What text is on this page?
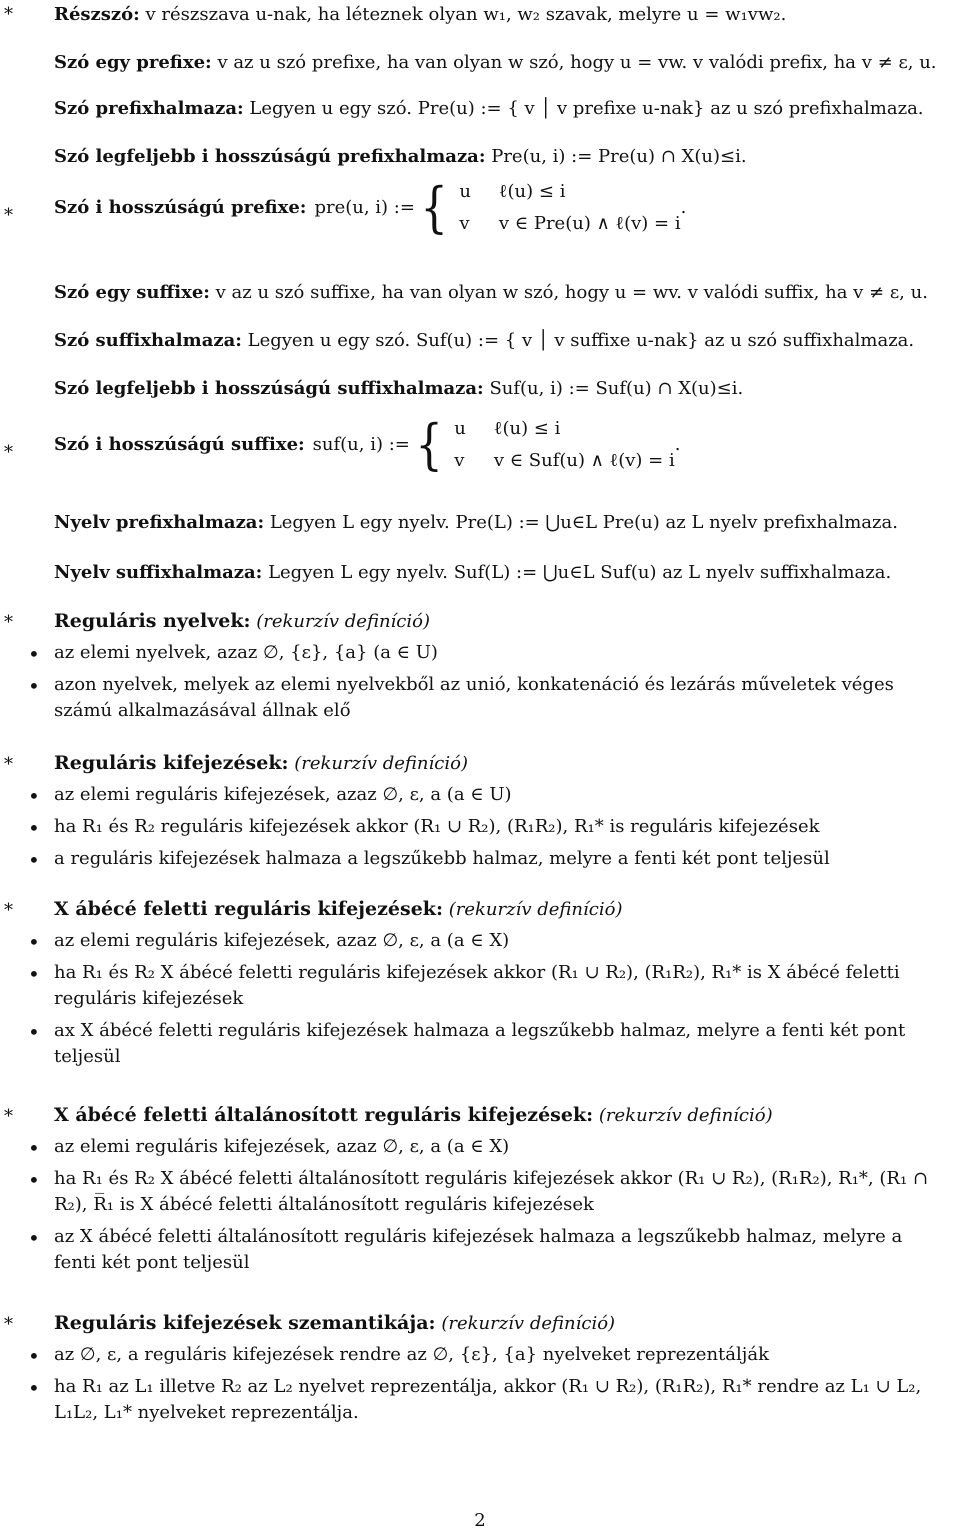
* Részszó: v részszava u-nak, ha léteznek olyan w₁, w₂ szavak, melyre u = w₁vw₂.
Szó egy prefixe: v az u szó prefixe, ha van olyan w szó, hogy u = vw. v valódi prefix, ha v ≠ ε, u.
Szó prefixhalmaza: Legyen u egy szó. Pre(u) := { v │ v prefixe u-nak} az u szó prefixhalmaza.
Szó legfeljebb i hosszúságú prefixhalmaza: Pre(u, i) := Pre(u) ∩ X(u)≤i.
* Szó i hosszúságú prefixe: pre(u, i) := { u ℓ(u) ≤ i
v v ∈ Pre(u) ∧ ℓ(v) = i
.
Szó egy suffixe: v az u szó suffixe, ha van olyan w szó, hogy u = wv. v valódi suffix, ha v ≠ ε, u.
Szó suffixhalmaza: Legyen u egy szó. Suf(u) := { v │ v suffixe u-nak} az u szó suffixhalmaza.
Szó legfeljebb i hosszúságú suffixhalmaza: Suf(u, i) := Suf(u) ∩ X(u)≤i.
* Szó i hosszúságú suffixe: suf(u, i) := { u ℓ(u) ≤ i
v v ∈ Suf(u) ∧ ℓ(v) = i
.
Nyelv prefixhalmaza: Legyen L egy nyelv. Pre(L) := ⋃u∈L Pre(u) az L nyelv prefixhalmaza.
Nyelv suffixhalmaza: Legyen L egy nyelv. Suf(L) := ⋃u∈L Suf(u) az L nyelv suffixhalmaza.
* Reguláris nyelvek: (rekurzív definíció)
• az elemi nyelvek, azaz ∅, {ε}, {a} (a ∈ U)
• azon nyelvek, melyek az elemi nyelvekből az unió, konkatenáció és lezárás műveletek véges számú alkalmazásával állnak elő
* Reguláris kifejezések: (rekurzív definíció)
• az elemi reguláris kifejezések, azaz ∅, ε, a (a ∈ U)
• ha R₁ és R₂ reguláris kifejezések akkor (R₁ ∪ R₂), (R₁R₂), R₁* is reguláris kifejezések
• a reguláris kifejezések halmaza a legszűkebb halmaz, melyre a fenti két pont teljesül
* X ábécé feletti reguláris kifejezések: (rekurzív definíció)
• az elemi reguláris kifejezések, azaz ∅, ε, a (a ∈ X)
• ha R₁ és R₂ X ábécé feletti reguláris kifejezések akkor (R₁ ∪ R₂), (R₁R₂), R₁* is X ábécé feletti reguláris kifejezések
• ax X ábécé feletti reguláris kifejezések halmaza a legszűkebb halmaz, melyre a fenti két pont teljesül
* X ábécé feletti általánosított reguláris kifejezések: (rekurzív definíció)
• az elemi reguláris kifejezések, azaz ∅, ε, a (a ∈ X)
• ha R₁ és R₂ X ábécé feletti általánosított reguláris kifejezések akkor (R₁ ∪ R₂), (R₁R₂), R₁*, (R₁ ∩ R₂), R̅₁ is X ábécé feletti általánosított reguláris kifejezések
• az X ábécé feletti általánosított reguláris kifejezések halmaza a legszűkebb halmaz, melyre a fenti két pont teljesül
* Reguláris kifejezések szemantikája: (rekurzív definíció)
• az ∅, ε, a reguláris kifejezések rendre az ∅, {ε}, {a} nyelveket reprezentálják
• ha R₁ az L₁ illetve R₂ az L₂ nyelvet reprezentálja, akkor (R₁ ∪ R₂), (R₁R₂), R₁* rendre az L₁ ∪ L₂, L₁L₂, L₁* nyelveket reprezentálja.
2
